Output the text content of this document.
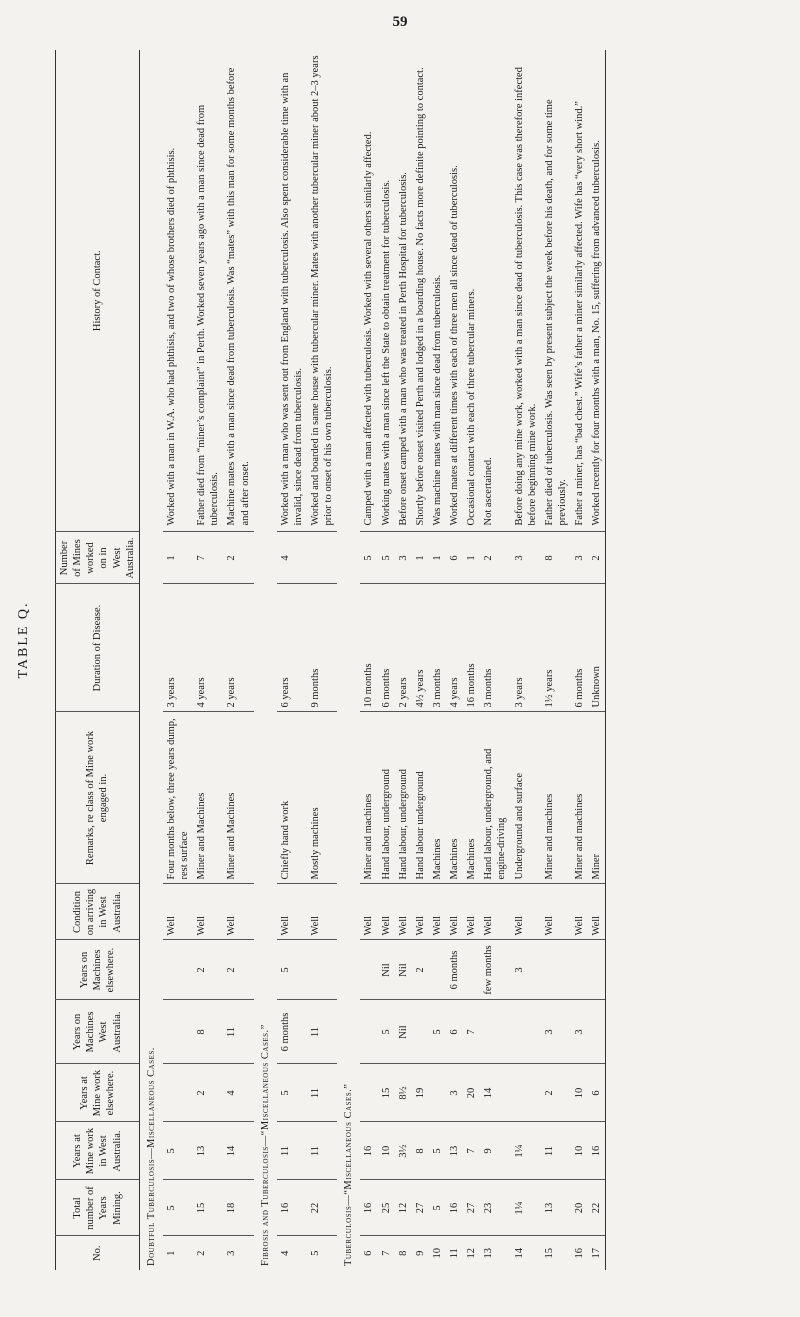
59
TABLE Q.
No.	Total number of Years Mining.	Years at Mine work in West Australia.	Years at Mine work elsewhere.	Years on Machines West Australia.	Years on Machines elsewhere.	Condition on arriving in West Australia.	Remarks, re class of Mine work engaged in.	Duration of Disease.	Number of Mines worked on in West Australia.	History of Contact.
Doubtful Tuberculosis—Miscellaneous Cases.										
1	5	5				Well	Four months below, three years dump, rest surface	3 years	1	Worked with a man in W.A. who had phthisis, and two of whose brothers died of phthisis.
2	15	13	2	8	2	Well	Miner and Machines	4 years	7	Father died from “miner’s complaint” in Perth. Worked seven years ago with a man since dead from tuberculosis.
3	18	14	4	11	2	Well	Miner and Machines	2 years	2	Machine mates with a man since dead from tuberculosis. Was “mates” with this man for some months before and after onset.
Fibrosis and Tuberculosis—“Miscellaneous Cases.”										
4	16	11	5	6 months	5	Well	Chiefly hand work	6 years	4	Worked with a man who was sent out from England with tuberculosis. Also spent considerable time with an invalid, since dead from tuberculosis.
5	22	11	11	11		Well	Mostly machines	9 months		Worked and boarded in same house with tubercular miner. Mates with another tubercular miner about 2–3 years prior to onset of his own tuberculosis.
Tuberculosis—“Miscellaneous Cases.”										
6	16	16				Well	Miner and machines	10 months	5	Camped with a man affected with tuberculosis. Worked with several others similarly affected.
7	25	10	15	5	Nil	Well	Hand labour, underground	6 months	5	Working mates with a man since left the State to obtain treatment for tuberculosis.
8	12	3½	8½	Nil	Nil	Well	Hand labour, underground	2 years	3	Before onset camped with a man who was treated in Perth Hospital for tuberculosis.
9	27	8	19		2	Well	Hand labour underground	4½ years	1	Shortly before onset visited Perth and lodged in a boarding house. No facts more definite pointing to contact.
10	5	5		5		Well	Machines	3 months	1	Was machine mates with man since dead from tuberculosis.
11	16	13	3	6	6 months	Well	Machines	4 years	6	Worked mates at different times with each of three men all since dead of tuberculosis.
12	27	7	20	7		Well	Machines	16 months	1	Occasional contact with each of three tubercular miners.
13	23	9	14		few months	Well	Hand labour, underground, and engine-driving	3 months	2	Not ascertained.
14	1¼	1¼			3	Well	Underground and surface	3 years	3	Before doing any mine work, worked with a man since dead of tuberculosis. This case was therefore infected before beginning mine work.
15	13	11	2	3		Well	Miner and machines	1½ years	8	Father died of tuberculosis. Was seen by present subject the week before his death, and for some time previously.
16	20	10	10	3		Well	Miner and machines	6 months	3	Father a miner, has “bad chest.” Wife’s father a miner similarly affected. Wife has “very short wind.”
17	22	16	6			Well	Miner	Unknown	2	Worked recently for four months with a man, No. 15, suffering from advanced tuberculosis.
